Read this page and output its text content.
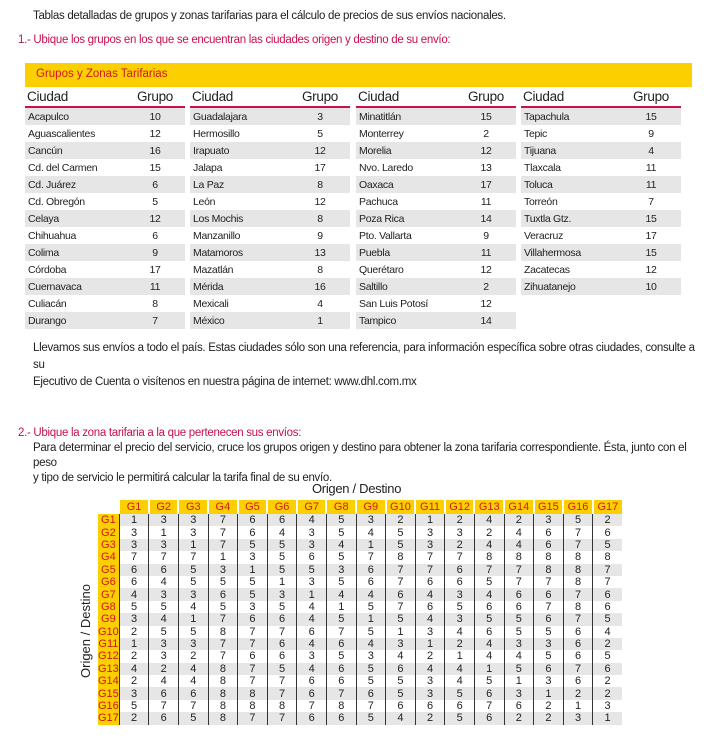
Tablas detalladas de grupos y zonas tarifarias para el cálculo de precios de sus envíos nacionales.
1.- Ubique los grupos en los que se encuentran las ciudades origen y destino de su envío:
Grupos y Zonas Tarifarias
Ciudad	Grupo
Acapulco	10
Aguascalientes	12
Cancún	16
Cd. del Carmen	15
Cd. Juárez	6
Cd. Obregón	5
Celaya	12
Chihuahua	6
Colima	9
Córdoba	17
Cuernavaca	11
Culiacán	8
Durango	7
Ciudad	Grupo
Guadalajara	3
Hermosillo	5
Irapuato	12
Jalapa	17
La Paz	8
León	12
Los Mochis	8
Manzanillo	9
Matamoros	13
Mazatlán	8
Mérida	16
Mexicali	4
México	1
Ciudad	Grupo
Minatitlán	15
Monterrey	2
Morelia	12
Nvo. Laredo	13
Oaxaca	17
Pachuca	11
Poza Rica	14
Pto. Vallarta	9
Puebla	11
Querétaro	12
Saltillo	2
San Luis Potosí	12
Tampico	14
Ciudad	Grupo
Tapachula	15
Tepic	9
Tijuana	4
Tlaxcala	11
Toluca	11
Torreón	7
Tuxtla Gtz.	15
Veracruz	17
Villahermosa	15
Zacatecas	12
Zihuatanejo	10
Llevamos sus envíos a todo el país. Estas ciudades sólo son una referencia, para información específica sobre otras ciudades, consulte a su
Ejecutivo de Cuenta o visítenos en nuestra página de internet: www.dhl.com.mx
2.- Ubique la zona tarifaria a la que pertenecen sus envíos:
Para determinar el precio del servicio, cruce los grupos origen y destino para obtener la zona tarifaria correspondiente. Ésta, junto con el peso
y tipo de servicio le permitirá calcular la tarifa final de su envío.
Origen / Destino
Origen / Destino
	G1	G2	G3	G4	G5	G6	G7	G8	G9	G10	G11	G12	G13	G14	G15	G16	G17
G1	1	3	3	7	6	6	4	5	3	2	1	2	4	2	3	5	2
G2	3	1	3	7	6	4	3	5	4	5	3	3	2	4	6	7	6
G3	3	3	1	7	5	5	3	4	1	5	3	2	4	4	6	7	5
G4	7	7	7	1	3	5	6	5	7	8	7	7	8	8	8	8	8
G5	6	6	5	3	1	5	5	3	6	7	7	6	7	7	8	8	7
G6	6	4	5	5	5	1	3	5	6	7	6	6	5	7	7	8	7
G7	4	3	3	6	5	3	1	4	4	6	4	3	4	6	6	7	6
G8	5	5	4	5	3	5	4	1	5	7	6	5	6	6	7	8	6
G9	3	4	1	7	6	6	4	5	1	5	4	3	5	5	6	7	5
G10	2	5	5	8	7	7	6	7	5	1	3	4	6	5	5	6	4
G11	1	3	3	7	7	6	4	6	4	3	1	2	4	3	3	6	2
G12	2	3	2	7	6	6	3	5	3	4	2	1	4	4	5	6	5
G13	4	2	4	8	7	5	4	6	5	6	4	4	1	5	6	7	6
G14	2	4	4	8	7	7	6	6	5	5	3	4	5	1	3	6	2
G15	3	6	6	8	8	7	6	7	6	5	3	5	6	3	1	2	2
G16	5	7	7	8	8	8	7	8	7	6	6	6	7	6	2	1	3
G17	2	6	5	8	7	7	6	6	5	4	2	5	6	2	2	3	1
